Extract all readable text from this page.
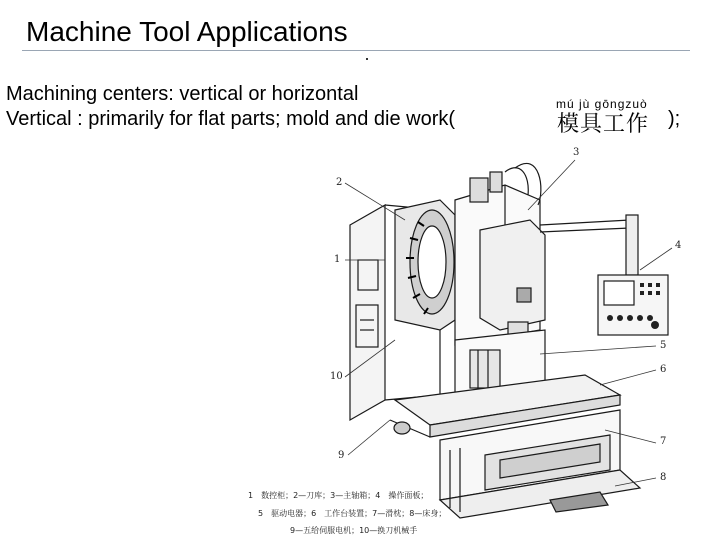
Machine Tool Applications
Machining centers: vertical or horizontal
Vertical : primarily for flat parts; mold and die work(
mú jù gōngzuò
模具工作 );
2
1
3
4
5
6
7
8
9
10
1　数控柜；2—刀库；3—主轴箱；4　操作面板；
5　驱动电器；6　工作台装置；7—滑枕；8—床身；
9—五给伺服电机；10—换刀机械手
